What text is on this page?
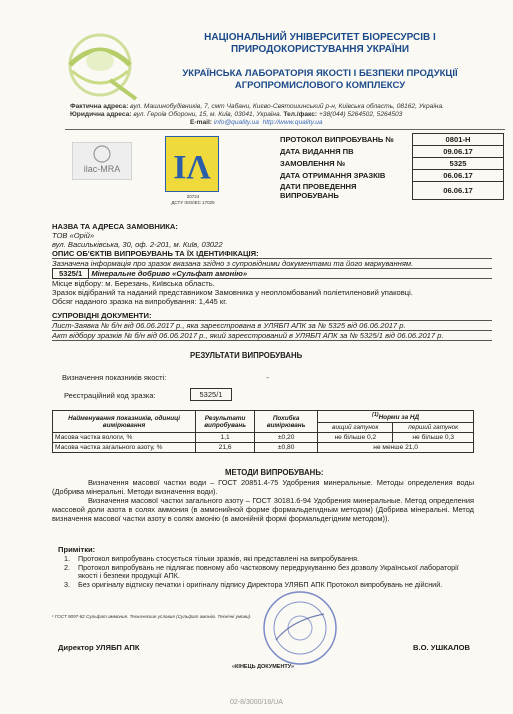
НАЦІОНАЛЬНИЙ УНІВЕРСИТЕТ БІОРЕСУРСІВ І
ПРИРОДОКОРИСТУВАННЯ УКРАЇНИ
УКРАЇНСЬКА ЛАБОРАТОРІЯ ЯКОСТІ І БЕЗПЕКИ ПРОДУКЦІЇ
АГРОПРОМИСЛОВОГО КОМПЛЕКСУ
Фактична адреса: вул. Машинобудівників, 7, смт Чабани, Києво-Святошинський р-н, Київська область, 08162, Україна.
Юридична адреса: вул. Героїв Оборони, 15, м. Київ, 03041, Україна. Тел./факс: +38(044) 5264502, 5264503
E-mail: info@quality.ua http://www.quality.ua
ilac-MRA ΙΛ
20724
ДСТУ ISO/IEC 17025
ПРОТОКОЛ ВИПРОБУВАНЬ №	0801-Н
ДАТА ВИДАННЯ ПВ	09.06.17
ЗАМОВЛЕННЯ №	5325
ДАТА ОТРИМАННЯ ЗРАЗКІВ	06.06.17
ДАТИ ПРОВЕДЕННЯ ВИПРОБУВАНЬ	06.06.17
НАЗВА ТА АДРЕСА ЗАМОВНИКА:
ТОВ «Орій»
вул. Васильківська, 30, оф. 2-201, м. Київ, 03022
ОПИС ОБ'ЄКТІВ ВИПРОБУВАНЬ ТА ЇХ ІДЕНТИФІКАЦІЯ:
Зазначена інформація про зразок вказана згідно з супровідними документами та його маркуванням.
5325/1 Мінеральне добриво «Сульфат амонію»
Місце відбору: м. Березань, Київська область.
Зразок відібраний та наданий представником Замовника у неопломбований поліетиленовий упаковці.
Обсяг наданого зразка на випробування: 1,445 кг.
СУПРОВІДНІ ДОКУМЕНТИ:
Лист-Заявка № б/н від 06.06.2017 р., яка зареєстрована в УЛЯБП АПК за № 5325 від 06.06.2017 р.
Акт відбору зразків № б/н від 06.06.2017 р., який зареєстрований в УЛЯБП АПК за № 5325/1 від 06.06.2017 р.
РЕЗУЛЬТАТИ ВИПРОБУВАНЬ
Визначення показників якості:	-
Реєстраційний код зразка:	5325/1
Найменування показників, одиниці вимірювання	Результати випробувань	Похибка вимірювань	$^{(1)}$Норми за НД	
			вищий гатунок	перший гатунок
Масова частка вологи, %	1,1	±0,20	не більше 0,2	не більше 0,3
Масова частка загального азоту, %	21,6	±0,80	не менше 21,0	
МЕТОДИ ВИПРОБУВАНЬ:
Визначення масової частки води – ГОСТ 20851.4-75 Удобрения минеральные. Методы определения воды (Добрива мінеральні. Методи визначення води).
Визначення масової частки загального азоту – ГОСТ 30181.6-94 Удобрения минеральные. Метод определения массовой доли азота в солях аммония (в аммонийной форме формальдегидным методом) (Добрива мінеральні. Метод визначення масової частки азоту в солях амонію (в амонійній формі формальдегідним методом)).
Примітки:
1.	Протокол випробувань стосується тільки зразків, які представлені на випробування.
2.	Протокол випробувань не підлягає повному або частковому передрукуванню без дозволу Української лабораторії якості і безпеки продукції АПК.
3.	Без оригіналу відтиску печатки і оригіналу підпису Директора УЛЯБП АПК Протокол випробувань не дійсний.
¹ ГОСТ 9097-82 Сульфат аммония. Технические условия (Сульфат амонію. Технічні умови).
Директор УЛЯБП АПК	В.О. УШКАЛОВ
«КІНЕЦЬ ДОКУМЕНТУ»
02-8/3000/16/UA
